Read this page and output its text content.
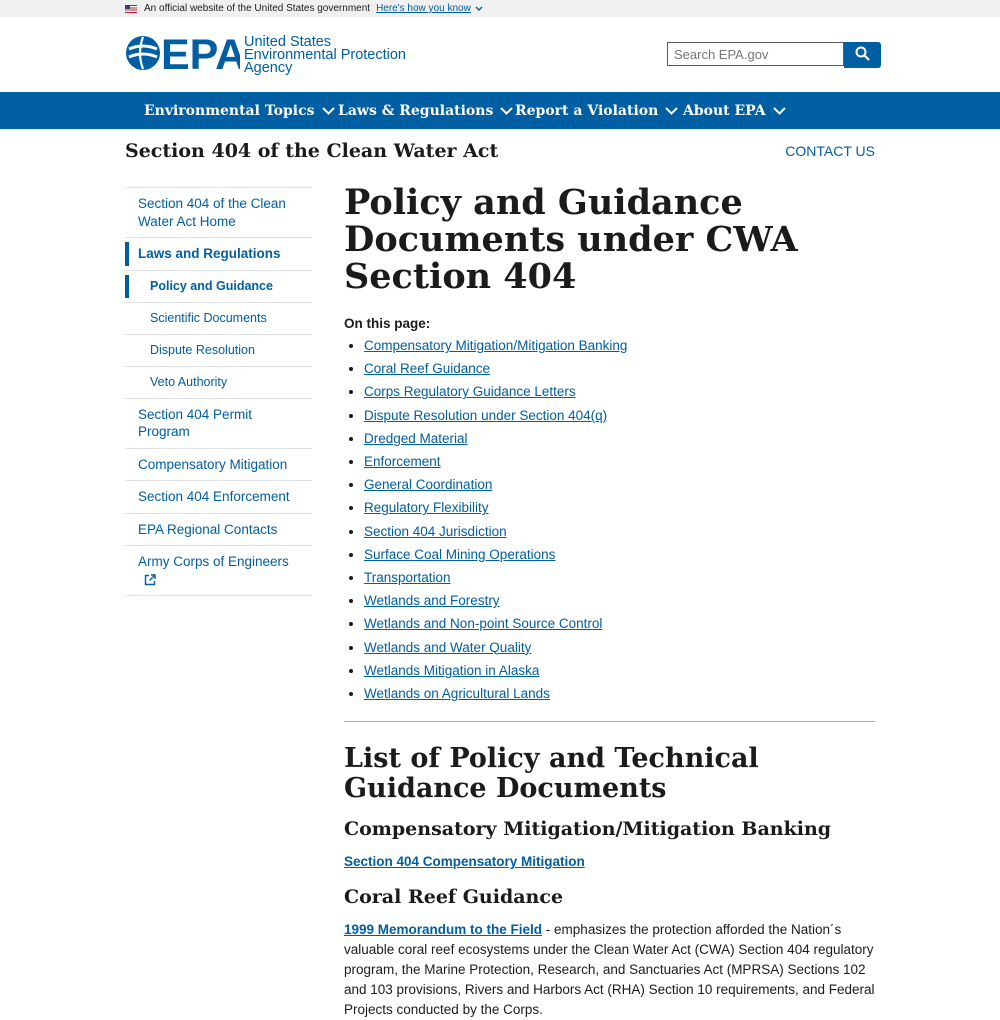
An official website of the United States government Here's how you know
EPA
United States
Environmental Protection
Agency
Search EPA.gov
Environmental Topics Laws & Regulations Report a Violation About EPA
Section 404 of the Clean Water Act	CONTACT US
Section 404 of the Clean Water Act Home
Laws and Regulations
Policy and Guidance
Scientific Documents
Dispute Resolution
Veto Authority
Section 404 Permit Program
Compensatory Mitigation
Section 404 Enforcement
EPA Regional Contacts
Army Corps of Engineers
Policy and Guidance Documents under CWA Section 404
On this page:
• Compensatory Mitigation/Mitigation Banking
• Coral Reef Guidance
• Corps Regulatory Guidance Letters
• Dispute Resolution under Section 404(q)
• Dredged Material
• Enforcement
• General Coordination
• Regulatory Flexibility
• Section 404 Jurisdiction
• Surface Coal Mining Operations
• Transportation
• Wetlands and Forestry
• Wetlands and Non-point Source Control
• Wetlands and Water Quality
• Wetlands Mitigation in Alaska
• Wetlands on Agricultural Lands
List of Policy and Technical Guidance Documents
Compensatory Mitigation/Mitigation Banking

Section 404 Compensatory Mitigation

Coral Reef Guidance

1999 Memorandum to the Field - emphasizes the protection afforded the Nation´s valuable coral reef ecosystems under the Clean Water Act (CWA) Section 404 regulatory program, the Marine Protection, Research, and Sanctuaries Act (MPRSA) Sections 102 and 103 provisions, Rivers and Harbors Act (RHA) Section 10 requirements, and Federal Projects conducted by the Corps.
